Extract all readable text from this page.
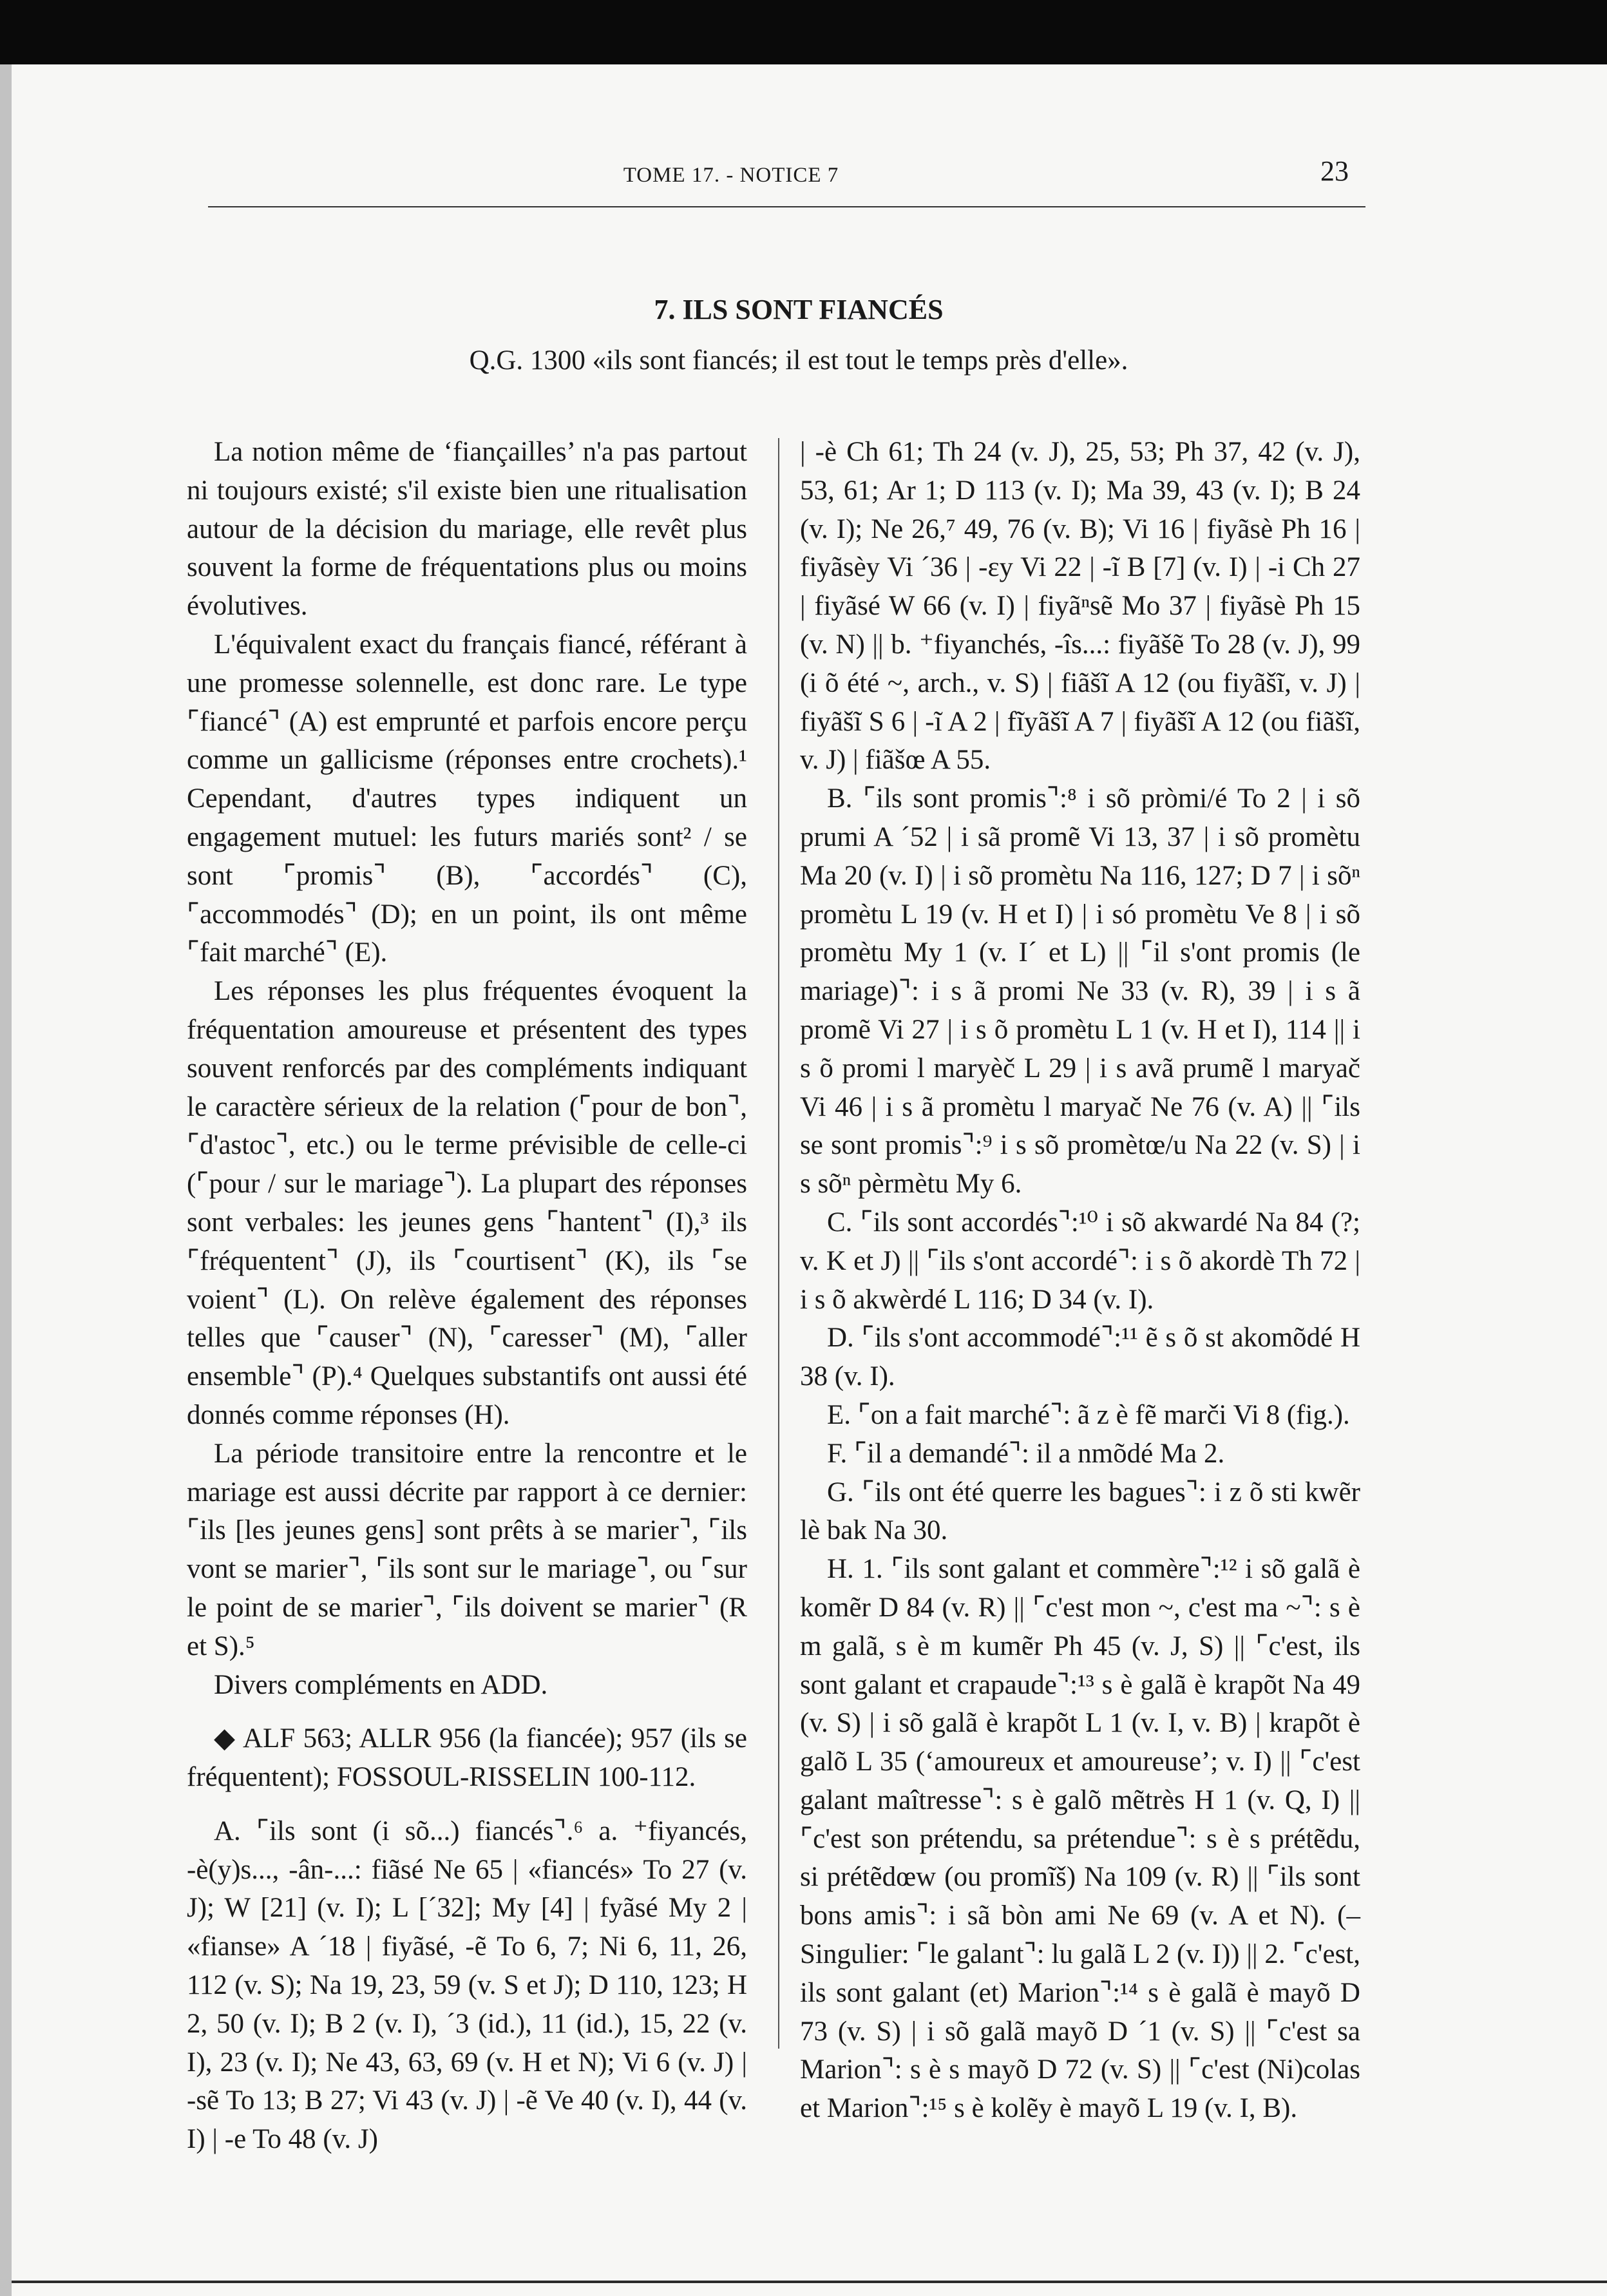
TOME 17. - NOTICE 7	23
7. ILS SONT FIANCÉS
Q.G. 1300 «ils sont fiancés; il est tout le temps près d'elle».

La notion même de ‘fiançailles’ n'a pas partout ni toujours existé; s'il existe bien une ritualisation autour de la décision du mariage, elle revêt plus souvent la forme de fréquentations plus ou moins évolutives.

L'équivalent exact du français fiancé, référant à une promesse solennelle, est donc rare. Le type ⌜fiancé⌝ (A) est emprunté et parfois encore perçu comme un gallicisme (réponses entre crochets).¹ Cependant, d'autres types indiquent un engagement mutuel: les futurs mariés sont² / se sont ⌜promis⌝ (B), ⌜accordés⌝ (C), ⌜accommodés⌝ (D); en un point, ils ont même ⌜fait marché⌝ (E).

Les réponses les plus fréquentes évoquent la fréquentation amoureuse et présentent des types souvent renforcés par des compléments indiquant le caractère sérieux de la relation (⌜pour de bon⌝, ⌜d'astoc⌝, etc.) ou le terme prévisible de celle-ci (⌜pour / sur le mariage⌝). La plupart des réponses sont verbales: les jeunes gens ⌜hantent⌝ (I),³ ils ⌜fréquentent⌝ (J), ils ⌜courtisent⌝ (K), ils ⌜se voient⌝ (L). On relève également des réponses telles que ⌜causer⌝ (N), ⌜caresser⌝ (M), ⌜aller ensemble⌝ (P).⁴ Quelques substantifs ont aussi été donnés comme réponses (H).

La période transitoire entre la rencontre et le mariage est aussi décrite par rapport à ce dernier: ⌜ils [les jeunes gens] sont prêts à se marier⌝, ⌜ils vont se marier⌝, ⌜ils sont sur le mariage⌝, ou ⌜sur le point de se marier⌝, ⌜ils doivent se marier⌝ (R et S).⁵

Divers compléments en ADD.

◆ ALF 563; ALLR 956 (la fiancée); 957 (ils se fréquentent); FOSSOUL-RISSELIN 100-112.

A. ⌜ils sont (i sõ...) fiancés⌝.⁶ a. ⁺fiyancés, -è(y)s..., -ân-...: fiãsé Ne 65 | «fiancés» To 27 (v. J); W [21] (v. I); L [´32]; My [4] | fyãsé My 2 | «fianse» A ´18 | fiyãsé, -ẽ To 6, 7; Ni 6, 11, 26, 112 (v. S); Na 19, 23, 59 (v. S et J); D 110, 123; H 2, 50 (v. I); B 2 (v. I), ´3 (id.), 11 (id.), 15, 22 (v. I), 23 (v. I); Ne 43, 63, 69 (v. H et N); Vi 6 (v. J) | -sẽ To 13; B 27; Vi 43 (v. J) | -ẽ Ve 40 (v. I), 44 (v. I) | -e To 48 (v. J)

| -è Ch 61; Th 24 (v. J), 25, 53; Ph 37, 42 (v. J), 53, 61; Ar 1; D 113 (v. I); Ma 39, 43 (v. I); B 24 (v. I); Ne 26,⁷ 49, 76 (v. B); Vi 16 | fiyãsè Ph 16 | fiyãsèy Vi ´36 | -ɛy Vi 22 | -ĩ B [7] (v. I) | -i Ch 27 | fiyãsé W 66 (v. I) | fiyãⁿsẽ Mo 37 | fiyãsè Ph 15 (v. N) || b. ⁺fiyanchés, -îs...: fiyãšẽ To 28 (v. J), 99 (i õ été ~, arch., v. S) | fiãšĩ A 12 (ou fiyãšĩ, v. J) | fiyãšĩ S 6 | -ĩ A 2 | fĩyãšĩ A 7 | fiyãšĩ A 12 (ou fiãšĩ, v. J) | fiãšœ A 55.

B. ⌜ils sont promis⌝:⁸ i sõ pròmi/é To 2 | i sõ prumi A ´52 | i sã promẽ Vi 13, 37 | i sõ promètu Ma 20 (v. I) | i sõ promètu Na 116, 127; D 7 | i sõⁿ promètu L 19 (v. H et I) | i só promètu Ve 8 | i sõ promètu My 1 (v. I´ et L) || ⌜il s'ont promis (le mariage)⌝: i s ã promi Ne 33 (v. R), 39 | i s ã promẽ Vi 27 | i s õ promètu L 1 (v. H et I), 114 || i s õ promi l maryèč L 29 | i s avã prumẽ l maryač Vi 46 | i s ã promètu l maryač Ne 76 (v. A) || ⌜ils se sont promis⌝:⁹ i s sõ promètœ/u Na 22 (v. S) | i s sõⁿ pèrmètu My 6.

C. ⌜ils sont accordés⌝:¹⁰ i sõ akwardé Na 84 (?; v. K et J) || ⌜ils s'ont accordé⌝: i s õ akordè Th 72 | i s õ akwèrdé L 116; D 34 (v. I).

D. ⌜ils s'ont accommodé⌝:¹¹ ẽ s õ st akomõdé H 38 (v. I).

E. ⌜on a fait marché⌝: ã z è fẽ marči Vi 8 (fig.).

F. ⌜il a demandé⌝: il a nmõdé Ma 2.

G. ⌜ils ont été querre les bagues⌝: i z õ sti kwẽr lè bak Na 30.

H. 1. ⌜ils sont galant et commère⌝:¹² i sõ galã è komẽr D 84 (v. R) || ⌜c'est mon ~, c'est ma ~⌝: s è m galã, s è m kumẽr Ph 45 (v. J, S) || ⌜c'est, ils sont galant et crapaude⌝:¹³ s è galã è krapõt Na 49 (v. S) | i sõ galã è krapõt L 1 (v. I, v. B) | krapõt è galõ L 35 (‘amoureux et amoureuse’; v. I) || ⌜c'est galant maîtresse⌝: s è galõ mẽtrès H 1 (v. Q, I) || ⌜c'est son prétendu, sa prétendue⌝: s è s prétẽdu, si prétẽdœw (ou promĩš) Na 109 (v. R) || ⌜ils sont bons amis⌝: i sã bòn ami Ne 69 (v. A et N). (– Singulier: ⌜le galant⌝: lu galã L 2 (v. I)) || 2. ⌜c'est, ils sont galant (et) Marion⌝:¹⁴ s è galã è mayõ D 73 (v. S) | i sõ galã mayõ D ´1 (v. S) || ⌜c'est sa Marion⌝: s è s mayõ D 72 (v. S) || ⌜c'est (Ni)colas et Marion⌝:¹⁵ s è kolẽy è mayõ L 19 (v. I, B).
